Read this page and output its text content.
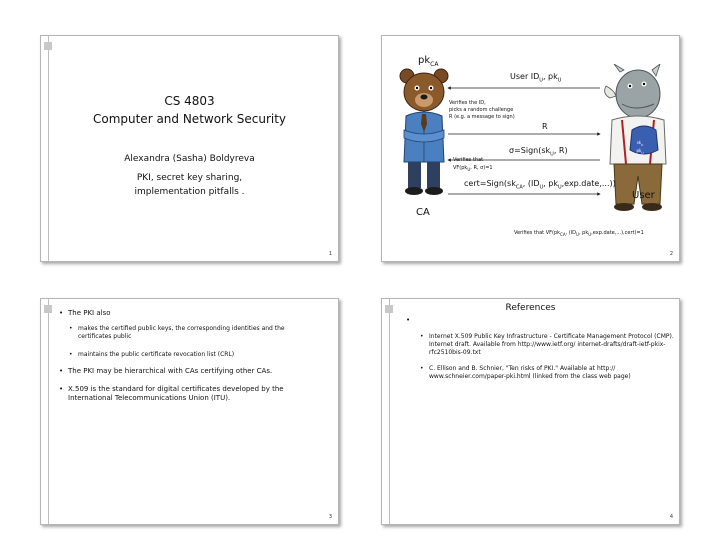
CS 4803
Computer and Network Security
Alexandra (Sasha) Boldyreva
PKI, secret key sharing,
implementation pitfalls .
1
$sk_U$
$pk_U$
$pk_{CA}$
User $ID_U$, $pk_U$
Verifies the ID,
picks a random challenge
R (e.g. a message to sign)
R
$\sigma=Sign(sk_U$, R)
Verifies that
$VF(pk_U$, R, σ)=1
$cert=Sign(sk_{CA}$, ($ID_U$, $pk_U,\exp.date$,...))
CA
User
Verifies that $VF(pk_{CA}$, ($ID_U$, $pk_U,\exp.date,...),cert)=1$
2
• The PKI also
• makes the certified public keys, the corresponding identities and the certificates public
• maintains the public certificate revocation list (CRL)
• The PKI may be hierarchical with CAs certifying other CAs.
• X.509 is the standard for digital certificates developed by the International Telecommunications Union (ITU).
3
References
•
• Internet X.509 Public Key Infrastructure - Certificate Management Protocol (CMP). Internet draft. Available from http://www.ietf.org/ internet-drafts/draft-ietf-pkix-rfc2510bis-09.txt
• C. Ellison and B. Schnier, "Ten risks of PKI." Available at http:// www.schneier.com/paper-pki.html (linked from the class web page)
4
